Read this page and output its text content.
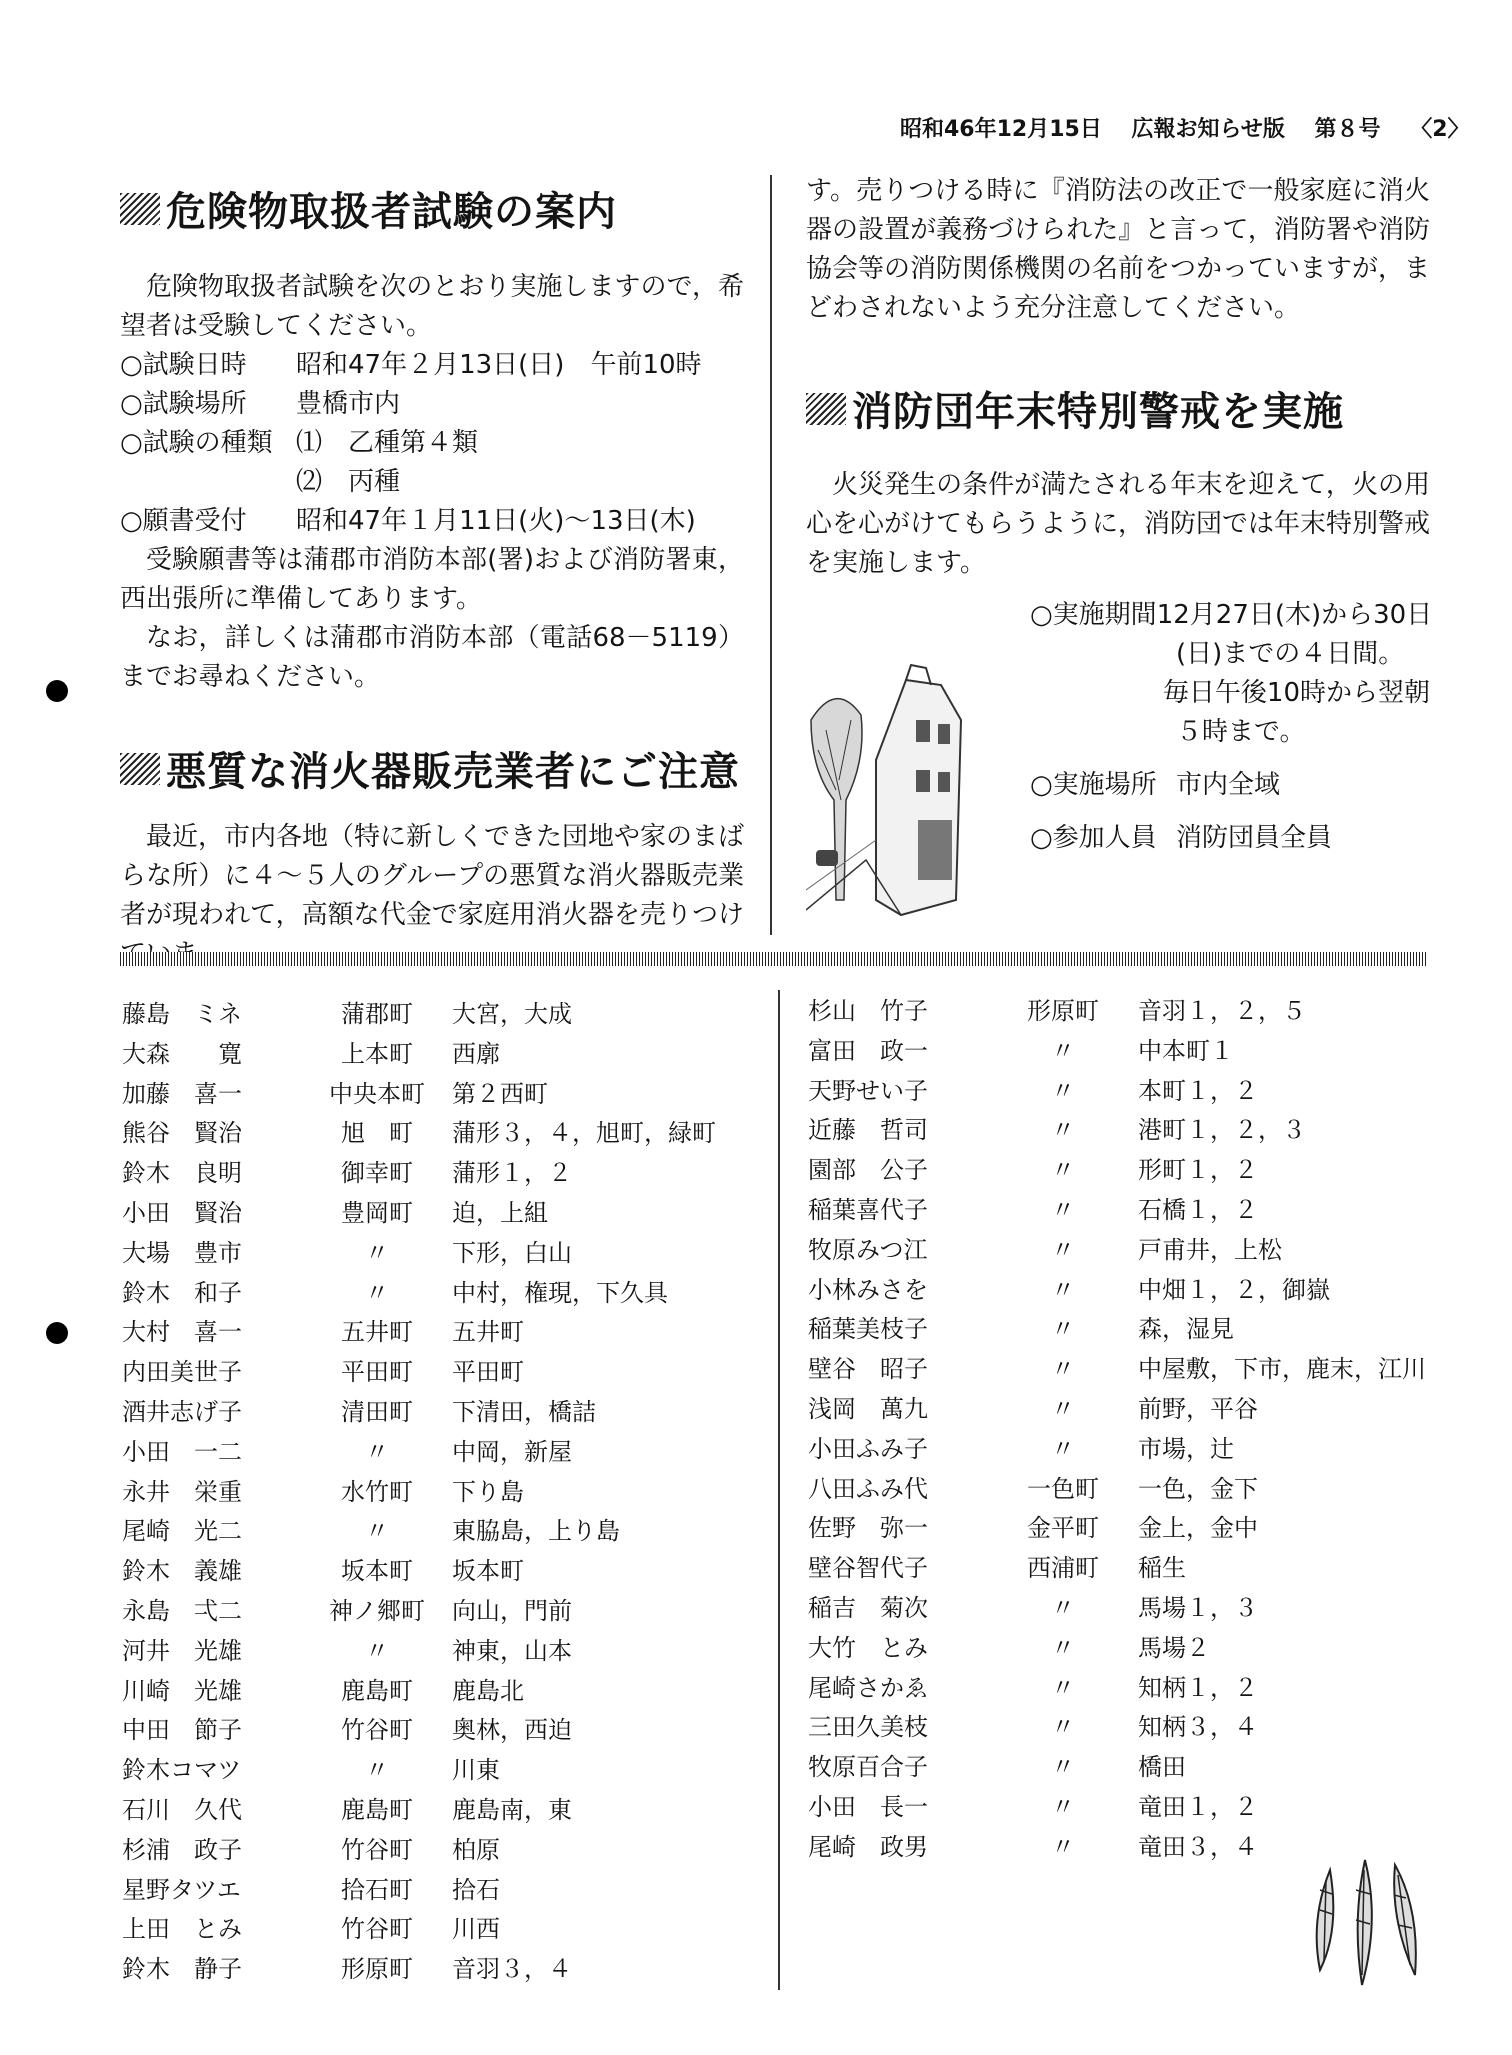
昭和46年12月15日 広報お知らせ版 第８号 〈2〉
危険物取扱者試験の案内
危険物取扱者試験を次のとおり実施しますので，希望者は受験してください。
○試験日時	昭和47年２月13日(日)　午前10時
○試験場所	豊橋市内
○試験の種類 ⑴　乙種第４類
⑵　丙種
○願書受付	昭和47年１月11日(火)～13日(木)
受験願書等は蒲郡市消防本部(署)および消防署東，西出張所に準備してあります。
なお，詳しくは蒲郡市消防本部（電話68－5119）までお尋ねください。
悪質な消火器販売業者にご注意
最近，市内各地（特に新しくできた団地や家のまばらな所）に４～５人のグループの悪質な消火器販売業者が現われて，高額な代金で家庭用消火器を売りつけ
す。売りつける時に『消防法の改正で一般家庭に消火器の設置が義務づけられた』と言って，消防署や消防協会等の消防関係機関の名前をつかっていますが，まどわされないよう充分注意してください。
消防団年末特別警戒を実施
火災発生の条件が満たされる年末を迎えて，火の用心を心がけてもらうように，消防団では年末特別警戒を実施します。
○実施期間 12月27日(木)から30日
(日)までの４日間。
毎日午後10時から翌朝
５時まで。
○実施場所 市内全域
○参加人員 消防団員全員
藤島　ミネ	蒲郡町	大宮，大成
大森　　寛	上本町	西廓
加藤　喜一	中央本町	第２西町
熊谷　賢治	旭　町	蒲形３，４，旭町，緑町
鈴木　良明	御幸町	蒲形１，２
小田　賢治	豊岡町	迫，上組
大場　豊市	〃	下形，白山
鈴木　和子	〃	中村，権現，下久具
大村　喜一	五井町	五井町
内田美世子	平田町	平田町
酒井志げ子	清田町	下清田，橋詰
小田　一二	〃	中岡，新屋
永井　栄重	水竹町	下り島
尾崎　光二	〃	東脇島，上り島
鈴木　義雄	坂本町	坂本町
永島　弌二	神ノ郷町	向山，門前
河井　光雄	〃	神東，山本
川崎　光雄	鹿島町	鹿島北
中田　節子	竹谷町	奥林，西迫
鈴木コマツ	〃	川東
石川　久代	鹿島町	鹿島南，東
杉浦　政子	竹谷町	柏原
星野タツエ	拾石町	拾石
上田　とみ	竹谷町	川西
鈴木　静子	形原町	音羽３，４
杉山　竹子	形原町	音羽１，２，５
富田　政一	〃	中本町１
天野せい子	〃	本町１，２
近藤　哲司	〃	港町１，２，３
園部　公子	〃	形町１，２
稲葉喜代子	〃	石橋１，２
牧原みつ江	〃	戸甫井，上松
小林みさを	〃	中畑１，２，御嶽
稲葉美枝子	〃	森，湿見
壁谷　昭子	〃	中屋敷，下市，鹿末，江川
浅岡　萬九	〃	前野，平谷
小田ふみ子	〃	市場，辻
八田ふみ代	一色町	一色，金下
佐野　弥一	金平町	金上，金中
壁谷智代子	西浦町	稲生
稲吉　菊次	〃	馬場１，３
大竹　とみ	〃	馬場２
尾崎さかゑ	〃	知柄１，２
三田久美枝	〃	知柄３，４
牧原百合子	〃	橋田
小田　長一	〃	竜田１，２
尾崎　政男	〃	竜田３，４
